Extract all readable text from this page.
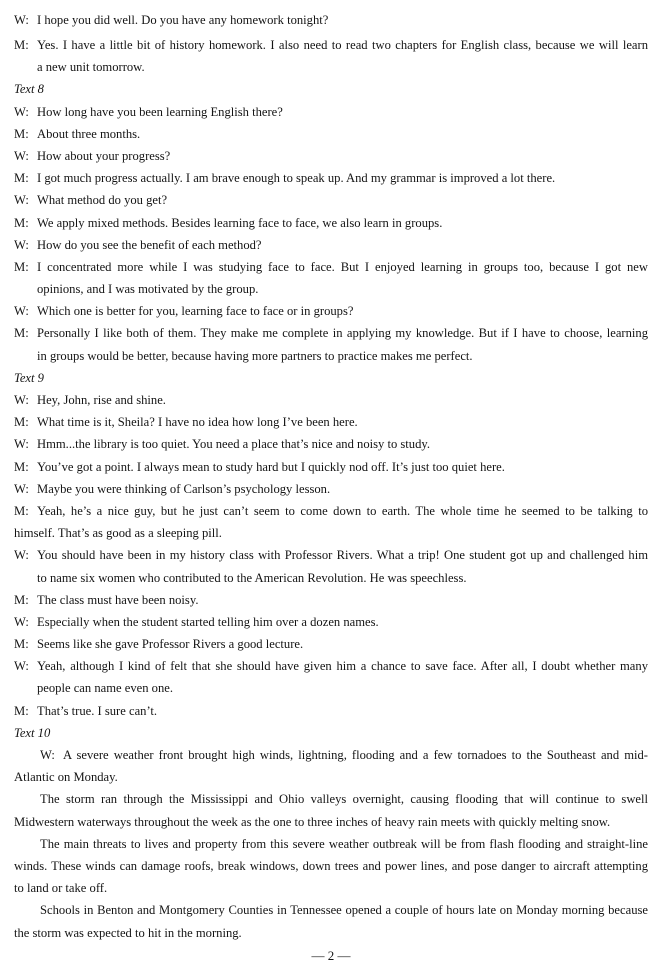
W: I hope you did well. Do you have any homework tonight?
M: Yes. I have a little bit of history homework. I also need to read two chapters for English class, because we will learn
a new unit tomorrow.
Text 8
W: How long have you been learning English there?
M: About three months.
W: How about your progress?
M: I got much progress actually. I am brave enough to speak up. And my grammar is improved a lot there.
W: What method do you get?
M: We apply mixed methods. Besides learning face to face, we also learn in groups.
W: How do you see the benefit of each method?
M: I concentrated more while I was studying face to face. But I enjoyed learning in groups too, because I got new
opinions, and I was motivated by the group.
W: Which one is better for you, learning face to face or in groups?
M: Personally I like both of them. They make me complete in applying my knowledge. But if I have to choose, learning
in groups would be better, because having more partners to practice makes me perfect.
Text 9
W: Hey, John, rise and shine.
M: What time is it, Sheila? I have no idea how long I’ve been here.
W: Hmm...the library is too quiet. You need a place that’s nice and noisy to study.
M: You’ve got a point. I always mean to study hard but I quickly nod off. It’s just too quiet here.
W: Maybe you were thinking of Carlson’s psychology lesson.
M: Yeah, he’s a nice guy, but he just can’t seem to come down to earth. The whole time he seemed to be talking to
himself. That’s as good as a sleeping pill.
W: You should have been in my history class with Professor Rivers. What a trip! One student got up and challenged him
to name six women who contributed to the American Revolution. He was speechless.
M: The class must have been noisy.
W: Especially when the student started telling him over a dozen names.
M: Seems like she gave Professor Rivers a good lecture.
W: Yeah, although I kind of felt that she should have given him a chance to save face. After all, I doubt whether many
people can name even one.
M: That’s true. I sure can’t.
Text 10
W: A severe weather front brought high winds, lightning, flooding and a few tornadoes to the Southeast and mid-
Atlantic on Monday.
The storm ran through the Mississippi and Ohio valleys overnight, causing flooding that will continue to swell
Midwestern waterways throughout the week as the one to three inches of heavy rain meets with quickly melting snow.
The main threats to lives and property from this severe weather outbreak will be from flash flooding and straight-line
winds. These winds can damage roofs, break windows, down trees and power lines, and pose danger to aircraft attempting
to land or take off.
Schools in Benton and Montgomery Counties in Tennessee opened a couple of hours late on Monday morning because
the storm was expected to hit in the morning.
— 2 —
